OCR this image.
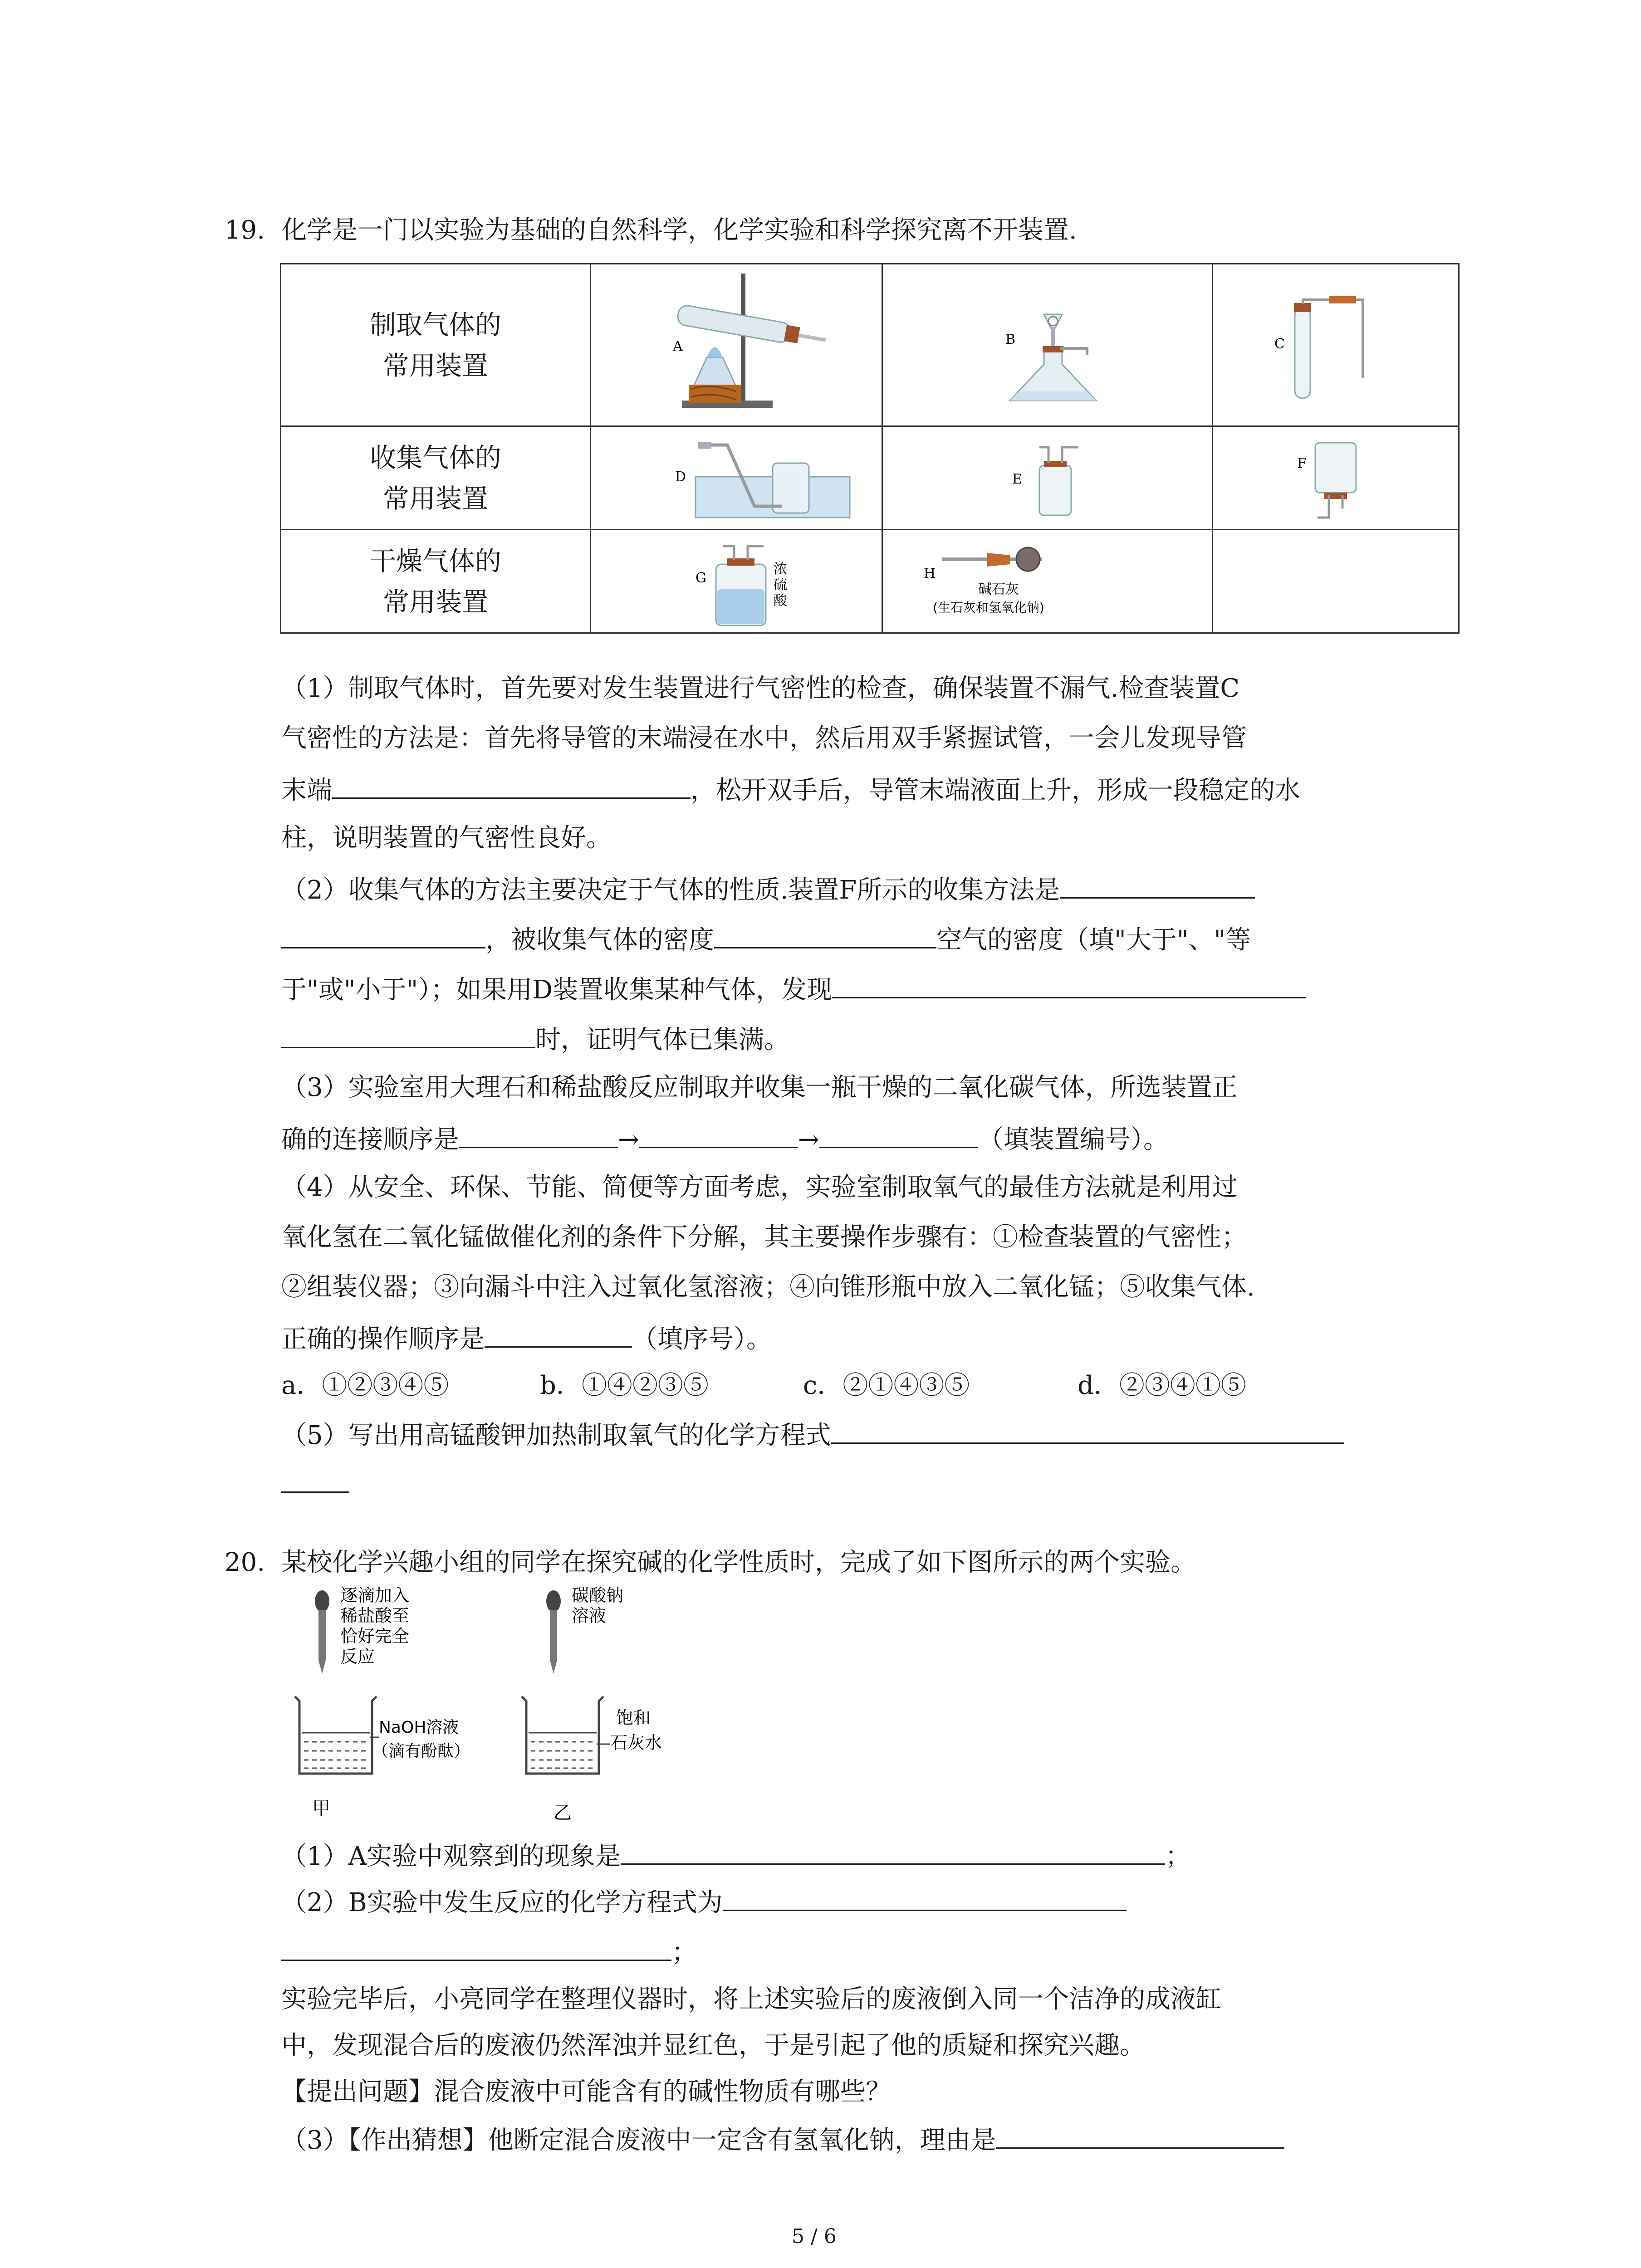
19. 化学是一门以实验为基础的自然科学，化学实验和科学探究离不开装置.
制取气体的
常用装置	A	B	C

收集气体的
常用装置	D	E	F

干燥气体的
常用装置	G
浓
硫
酸	H
碱石灰
(生石灰和氢氧化钠)	

（1）制取气体时，首先要对发生装置进行气密性的检查，确保装置不漏气.检查装置C
气密性的方法是：首先将导管的末端浸在水中，然后用双手紧握试管，一会儿发现导管
末端	，松开双手后，导管末端液面上升，形成一段稳定的水
柱，说明装置的气密性良好。
（2）收集气体的方法主要决定于气体的性质.装置F所示的收集方法是
，被收集气体的密度	空气的密度（填"大于"、"等
于"或"小于"）；如果用D装置收集某种气体，发现
时，证明气体已集满。
（3）实验室用大理石和稀盐酸反应制取并收集一瓶干燥的二氧化碳气体，所选装置正
确的连接顺序是	→	→	（填装置编号）。
（4）从安全、环保、节能、简便等方面考虑，实验室制取氧气的最佳方法就是利用过
氧化氢在二氧化锰做催化剂的条件下分解，其主要操作步骤有：①检查装置的气密性；
②组装仪器；③向漏斗中注入过氧化氢溶液；④向锥形瓶中放入二氧化锰；⑤收集气体.
正确的操作顺序是	（填序号）。
a．①②③④⑤	b．①④②③⑤	c．②①④③⑤	d．②③④①⑤
（5）写出用高锰酸钾加热制取氧气的化学方程式
20. 某校化学兴趣小组的同学在探究碱的化学性质时，完成了如下图所示的两个实验。
逐滴加入
稀盐酸至
恰好完全
反应
NaOH溶液
（滴有酚酞）
甲
碳酸钠
溶液
饱和
石灰水
乙
（1）A实验中观察到的现象是	；
（2）B实验中发生反应的化学方程式为
；
实验完毕后，小亮同学在整理仪器时，将上述实验后的废液倒入同一个洁净的成液缸
中，发现混合后的废液仍然浑浊并显红色，于是引起了他的质疑和探究兴趣。
【提出问题】混合废液中可能含有的碱性物质有哪些？
（3）【作出猜想】他断定混合废液中一定含有氢氧化钠，理由是
5 / 6
